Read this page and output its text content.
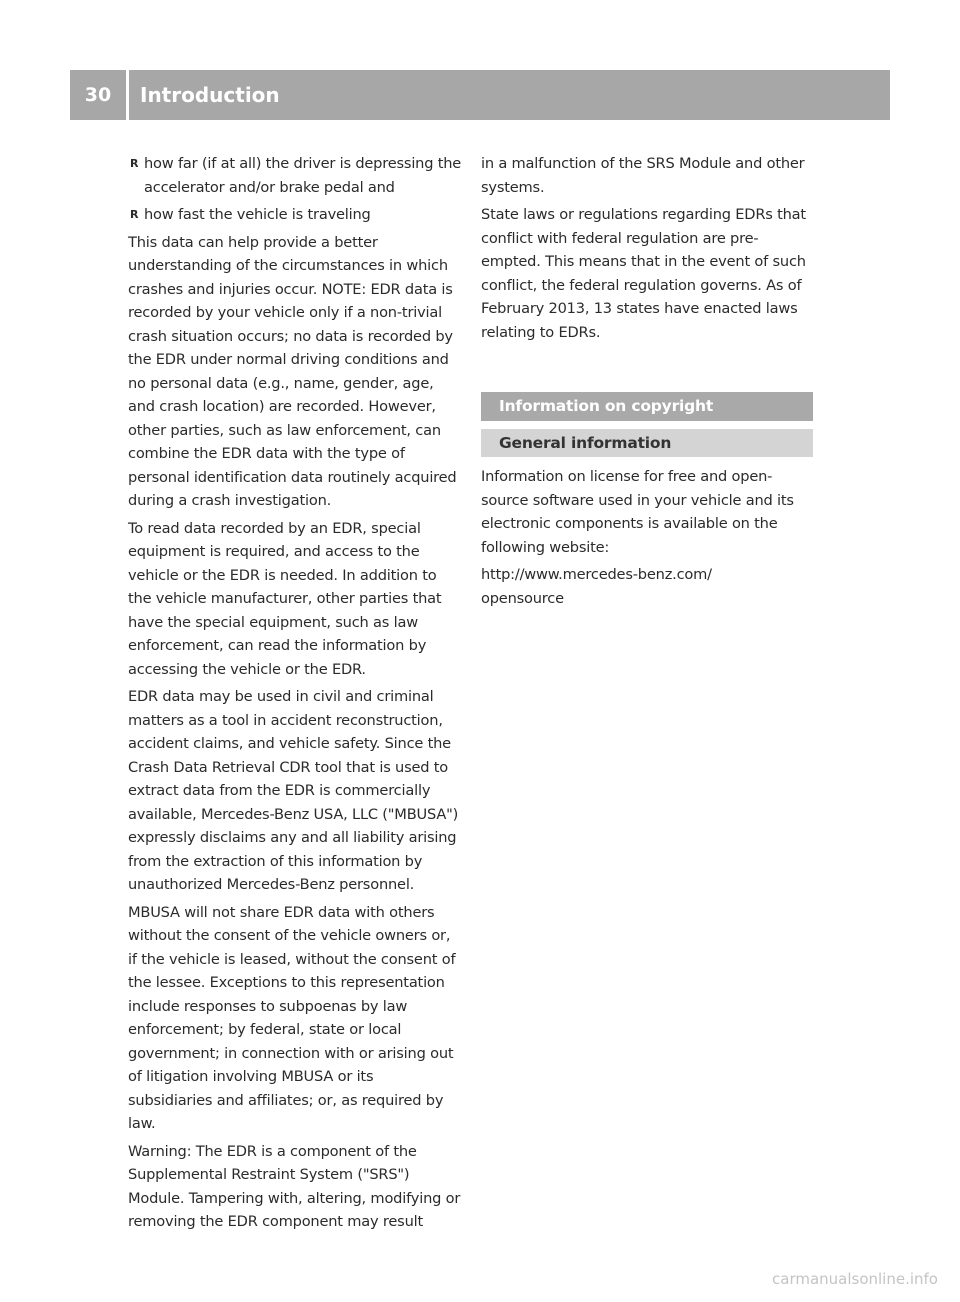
30	Introduction
R how far (if at all) the driver is depressing the accelerator and/or brake pedal and
R how fast the vehicle is traveling

This data can help provide a better understanding of the circumstances in which crashes and injuries occur. NOTE: EDR data is recorded by your vehicle only if a non-trivial crash situation occurs; no data is recorded by the EDR under normal driving conditions and no personal data (e.g., name, gender, age, and crash location) are recorded. However, other parties, such as law enforcement, can combine the EDR data with the type of personal identification data routinely acquired during a crash investigation.

To read data recorded by an EDR, special equipment is required, and access to the vehicle or the EDR is needed. In addition to the vehicle manufacturer, other parties that have the special equipment, such as law enforcement, can read the information by accessing the vehicle or the EDR.

EDR data may be used in civil and criminal matters as a tool in accident reconstruction, accident claims, and vehicle safety. Since the Crash Data Retrieval CDR tool that is used to extract data from the EDR is commercially available, Mercedes-Benz USA, LLC ("MBUSA") expressly disclaims any and all liability arising from the extraction of this information by unauthorized Mercedes-Benz personnel.

MBUSA will not share EDR data with others without the consent of the vehicle owners or, if the vehicle is leased, without the consent of the lessee. Exceptions to this representation include responses to subpoenas by law enforcement; by federal, state or local government; in connection with or arising out of litigation involving MBUSA or its subsidiaries and affiliates; or, as required by law.

Warning: The EDR is a component of the Supplemental Restraint System ("SRS") Module. Tampering with, altering, modifying or removing the EDR component may result

in a malfunction of the SRS Module and other systems.

State laws or regulations regarding EDRs that conflict with federal regulation are pre-empted. This means that in the event of such conflict, the federal regulation governs. As of February 2013, 13 states have enacted laws relating to EDRs.

Information on copyright
General information

Information on license for free and open-source software used in your vehicle and its electronic components is available on the following website:

http://www.mercedes-benz.com/
opensource

carmanualsonline.info
